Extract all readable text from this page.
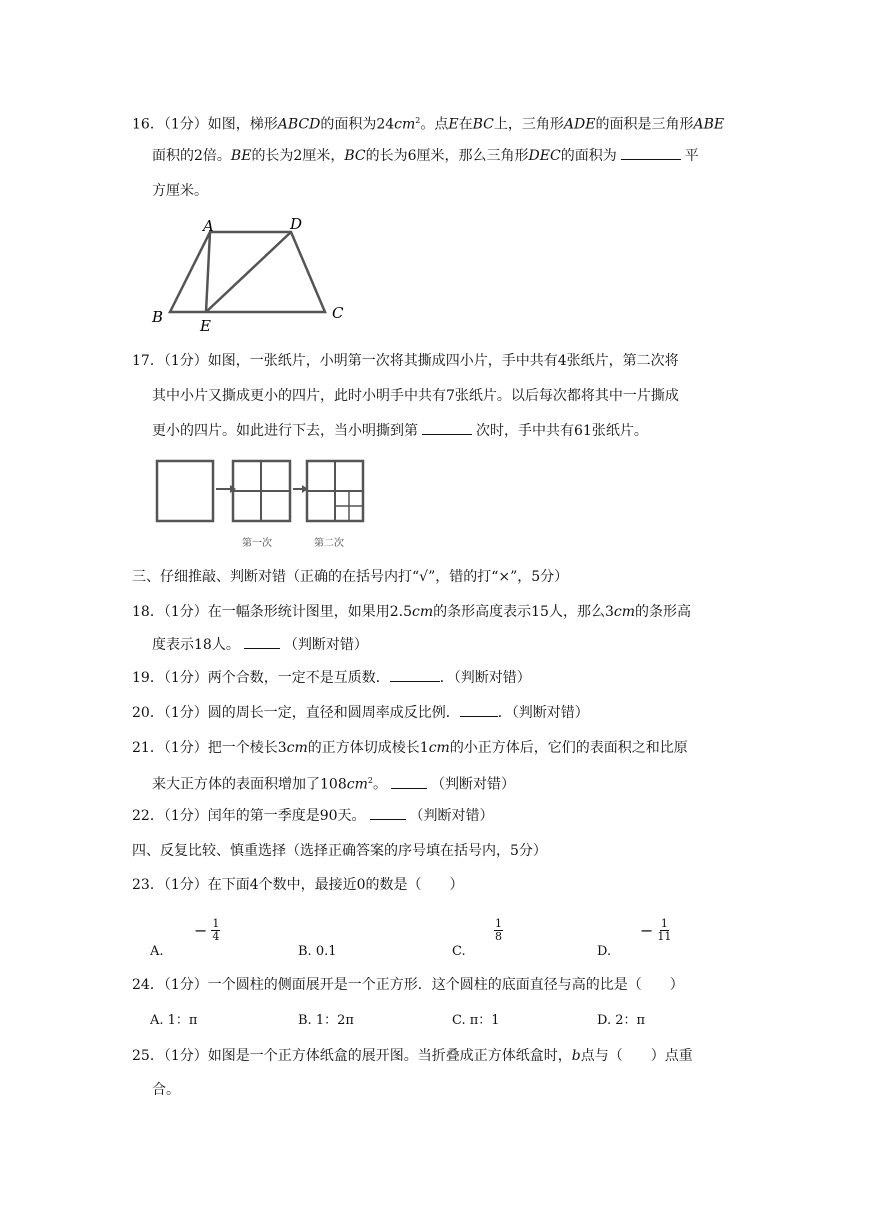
16．（1分）如图，梯形ABCD的面积为$24cm^2$。点E在BC上，三角形ADE的面积是三角形ABE
面积的2倍。BE的长为2厘米，BC的长为6厘米，那么三角形DEC的面积为	平
方厘米。
A	D
B E
C
17．（1分）如图，一张纸片，小明第一次将其撕成四小片，手中共有4张纸片，第二次将
其中小片又撕成更小的四片，此时小明手中共有7张纸片。以后每次都将其中一片撕成
更小的四片。如此进行下去，当小明撕到第	次时，手中共有61张纸片。
第一次	第二次
三、仔细推敲、判断对错（正确的在括号内打“√”，错的打“×”，5分）
18．（1分）在一幅条形统计图里，如果用2.5cm的条形高度表示15人，那么3cm的条形高
度表示18人。	（判断对错）
19．（1分）两个合数，一定不是互质数．	．（判断对错）
20．（1分）圆的周长一定，直径和圆周率成反比例．	．（判断对错）
21．（1分）把一个棱长3cm的正方体切成棱长1cm的小正方体后，它们的表面积之和比原
来大正方体的表面积增加了$108cm^2$。	（判断对错）
22．（1分）闰年的第一季度是90天。	（判断对错）
四、反复比较、慎重选择（选择正确答案的序号填在括号内，5分）
23．（1分）在下面4个数中，最接近0的数是（　　）
A.
− $\frac{1}{4}$
B. 0.1	C.
$\frac{1}{8}$
D.
− $\frac{1}{11}$
24．（1分）一个圆柱的侧面展开是一个正方形．这个圆柱的底面直径与高的比是（　　）
A. 1：π	B. 1：2π	C. π：1	D. 2：π
25．（1分）如图是一个正方体纸盒的展开图。当折叠成正方体纸盒时，b点与（　　）点重
合。
